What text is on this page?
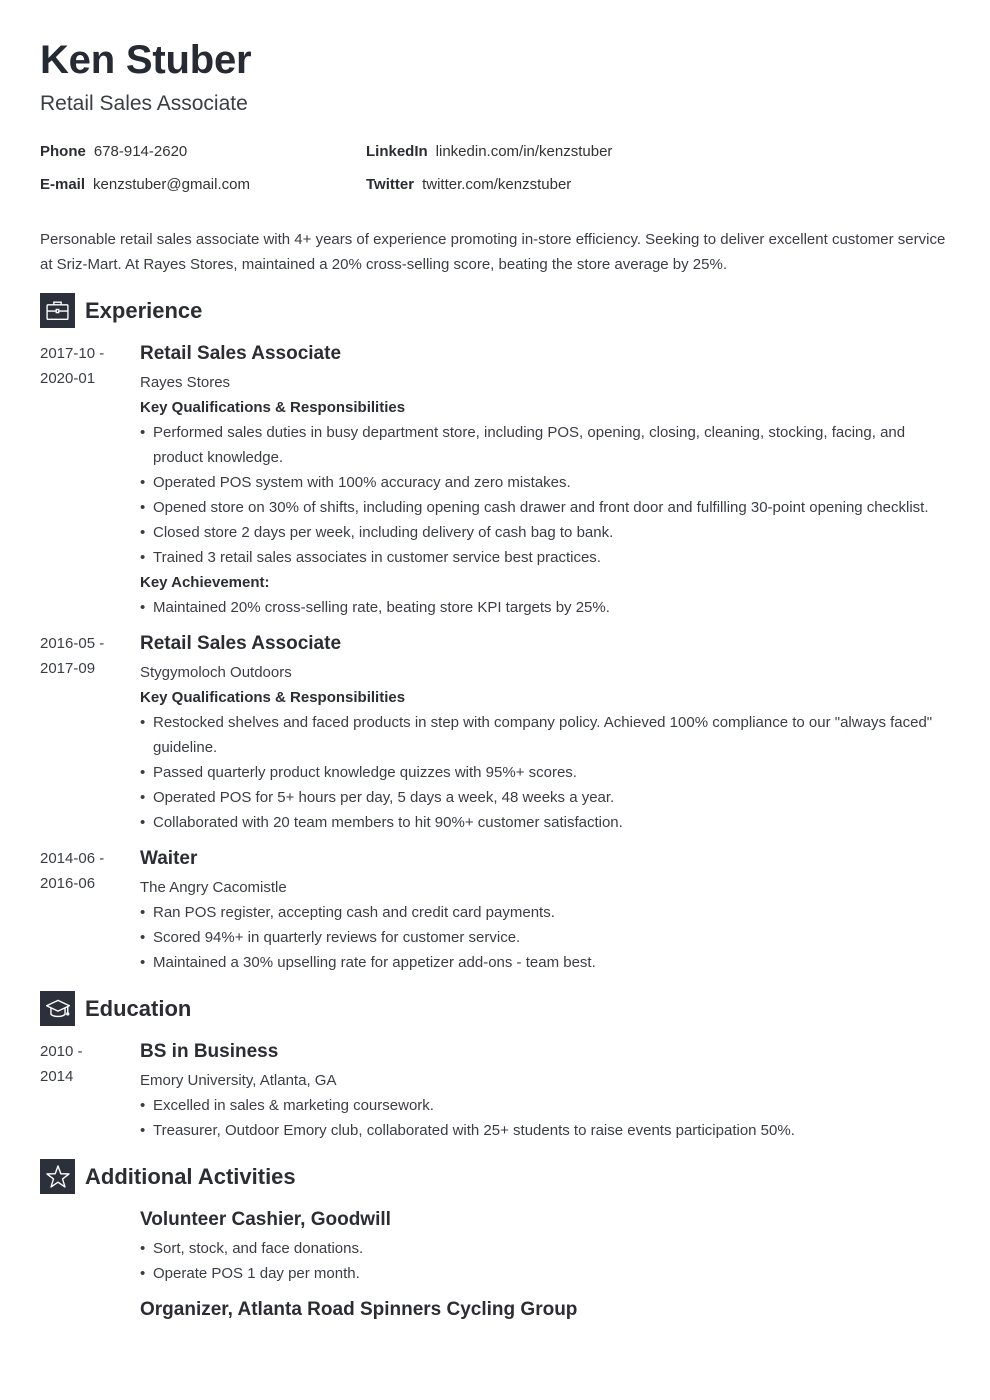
Ken Stuber
Retail Sales Associate
Phone 678-914-2620
E-mail kenzstuber@gmail.com
LinkedIn linkedin.com/in/kenzstuber
Twitter twitter.com/kenzstuber
Personable retail sales associate with 4+ years of experience promoting in-store efficiency. Seeking to deliver excellent customer service at Sriz-Mart. At Rayes Stores, maintained a 20% cross-selling score, beating the store average by 25%.
Experience
2017-10 -
2020-01
Retail Sales Associate
Rayes Stores
Key Qualifications & Responsibilities
• Performed sales duties in busy department store, including POS, opening, closing, cleaning, stocking, facing, and product knowledge.
• Operated POS system with 100% accuracy and zero mistakes.
• Opened store on 30% of shifts, including opening cash drawer and front door and fulfilling 30-point opening checklist.
• Closed store 2 days per week, including delivery of cash bag to bank.
• Trained 3 retail sales associates in customer service best practices.
Key Achievement:
• Maintained 20% cross-selling rate, beating store KPI targets by 25%.
2016-05 -
2017-09
Retail Sales Associate
Stygymoloch Outdoors
Key Qualifications & Responsibilities
• Restocked shelves and faced products in step with company policy. Achieved 100% compliance to our "always faced" guideline.
• Passed quarterly product knowledge quizzes with 95%+ scores.
• Operated POS for 5+ hours per day, 5 days a week, 48 weeks a year.
• Collaborated with 20 team members to hit 90%+ customer satisfaction.
2014-06 -
2016-06
Waiter
The Angry Cacomistle
• Ran POS register, accepting cash and credit card payments.
• Scored 94%+ in quarterly reviews for customer service.
• Maintained a 30% upselling rate for appetizer add-ons - team best.
Education
2010 -
2014
BS in Business
Emory University, Atlanta, GA
• Excelled in sales & marketing coursework.
• Treasurer, Outdoor Emory club, collaborated with 25+ students to raise events participation 50%.
Additional Activities
Volunteer Cashier, Goodwill
• Sort, stock, and face donations.
• Operate POS 1 day per month.
Organizer, Atlanta Road Spinners Cycling Group
